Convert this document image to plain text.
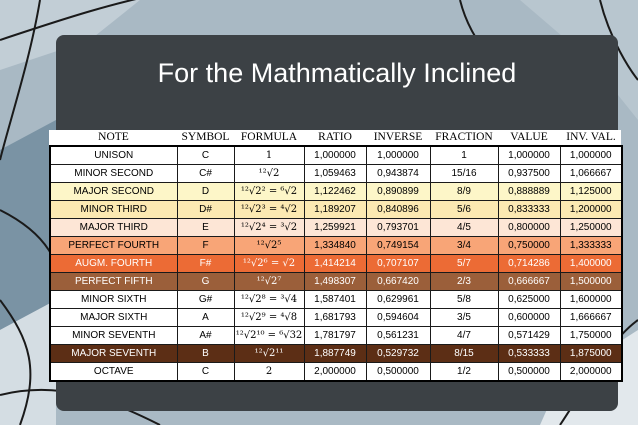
For the Mathmatically Inclined
NOTE	SYMBOL	FORMULA	RATIO	INVERSE	FRACTION	VALUE	INV. VAL.
UNISON	C	1	1,000000	1,000000	1	1,000000	1,000000
MINOR SECOND	C#	¹²√2	1,059463	0,943874	15/16	0,937500	1,066667
MAJOR SECOND	D	¹²√2² = ⁶√2	1,122462	0,890899	8/9	0,888889	1,125000
MINOR THIRD	D#	¹²√2³ = ⁴√2	1,189207	0,840896	5/6	0,833333	1,200000
MAJOR THIRD	E	¹²√2⁴ = ³√2	1,259921	0,793701	4/5	0,800000	1,250000
PERFECT FOURTH	F	¹²√2⁵	1,334840	0,749154	3/4	0,750000	1,333333
AUGM. FOURTH	F#	¹²√2⁶ = √2	1,414214	0,707107	5/7	0,714286	1,400000
PERFECT FIFTH	G	¹²√2⁷	1,498307	0,667420	2/3	0,666667	1,500000
MINOR SIXTH	G#	¹²√2⁸ = ³√4	1,587401	0,629961	5/8	0,625000	1,600000
MAJOR SIXTH	A	¹²√2⁹ = ⁴√8	1,681793	0,594604	3/5	0,600000	1,666667
MINOR SEVENTH	A#	¹²√2¹⁰ = ⁶√32	1,781797	0,561231	4/7	0,571429	1,750000
MAJOR SEVENTH	B	¹²√2¹¹	1,887749	0,529732	8/15	0,533333	1,875000
OCTAVE	C	2	2,000000	0,500000	1/2	0,500000	2,000000
